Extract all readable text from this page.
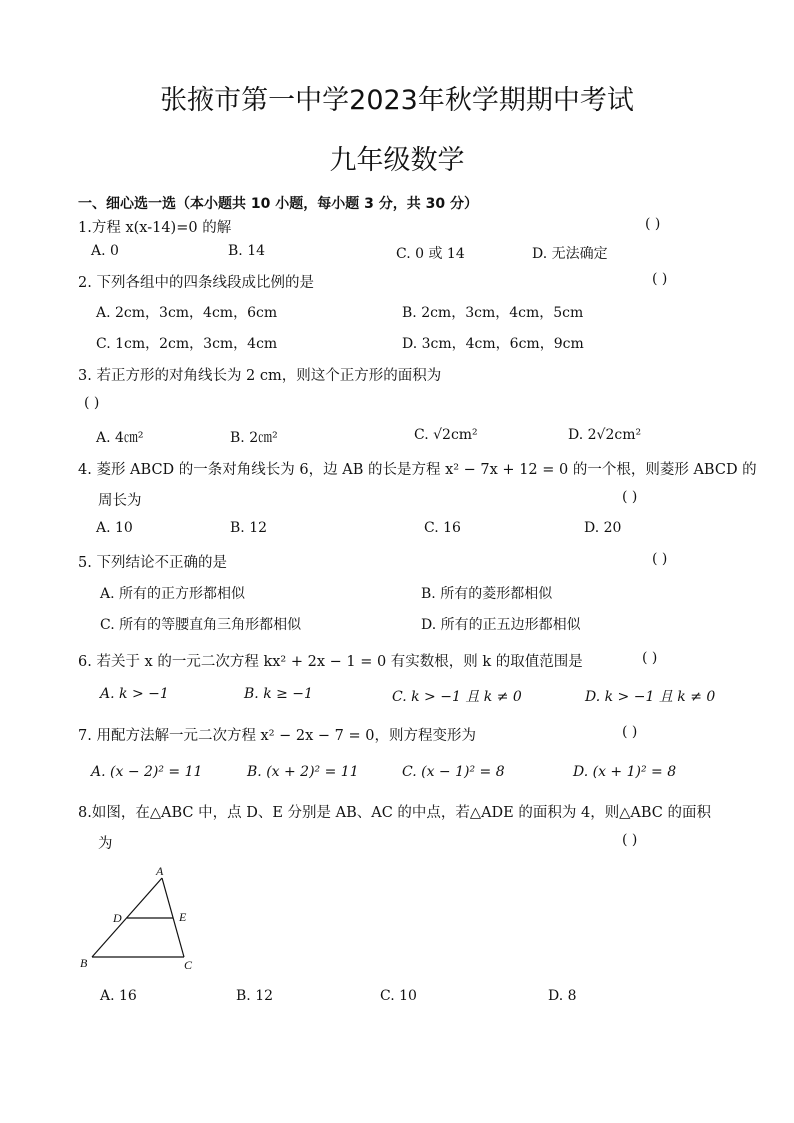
张掖市第一中学2023年秋学期期中考试
九年级数学
一、细心选一选（本小题共 10 小题，每小题 3 分，共 30 分）
1.方程 x(x-14)=0 的解	( )
A. 0	B. 14	C. 0 或 14	D. 无法确定
2. 下列各组中的四条线段成比例的是	( )
A. 2cm，3cm，4cm，6cm	B. 2cm，3cm，4cm，5cm
C. 1cm，2cm，3cm，4cm	D. 3cm，4cm，6cm，9cm
3. 若正方形的对角线长为 2 cm，则这个正方形的面积为
( )
A. 4㎝²	B. 2㎝²	C. √2cm²	D. 2√2cm²
4. 菱形 ABCD 的一条对角线长为 6，边 AB 的长是方程 x² − 7x + 12 = 0 的一个根，则菱形 ABCD 的
周长为	( )
A. 10	B. 12	C. 16	D. 20
5. 下列结论不正确的是	( )
A. 所有的正方形都相似	B. 所有的菱形都相似
C. 所有的等腰直角三角形都相似	D. 所有的正五边形都相似
6. 若关于 x 的一元二次方程 kx² + 2x − 1 = 0 有实数根，则 k 的取值范围是	( )
A. k > −1	B. k ≥ −1	C. k > −1 且 k ≠ 0	D. k > −1 且 k ≠ 0
7. 用配方法解一元二次方程 x² − 2x − 7 = 0，则方程变形为	( )
A. (x − 2)² = 11	B. (x + 2)² = 11	C. (x − 1)² = 8	D. (x + 1)² = 8
8.如图，在△ABC 中，点 D、E 分别是 AB、AC 的中点，若△ADE 的面积为 4，则△ABC 的面积
为	( )
A
B	C
D	E
A. 16	B. 12	C. 10	D. 8
